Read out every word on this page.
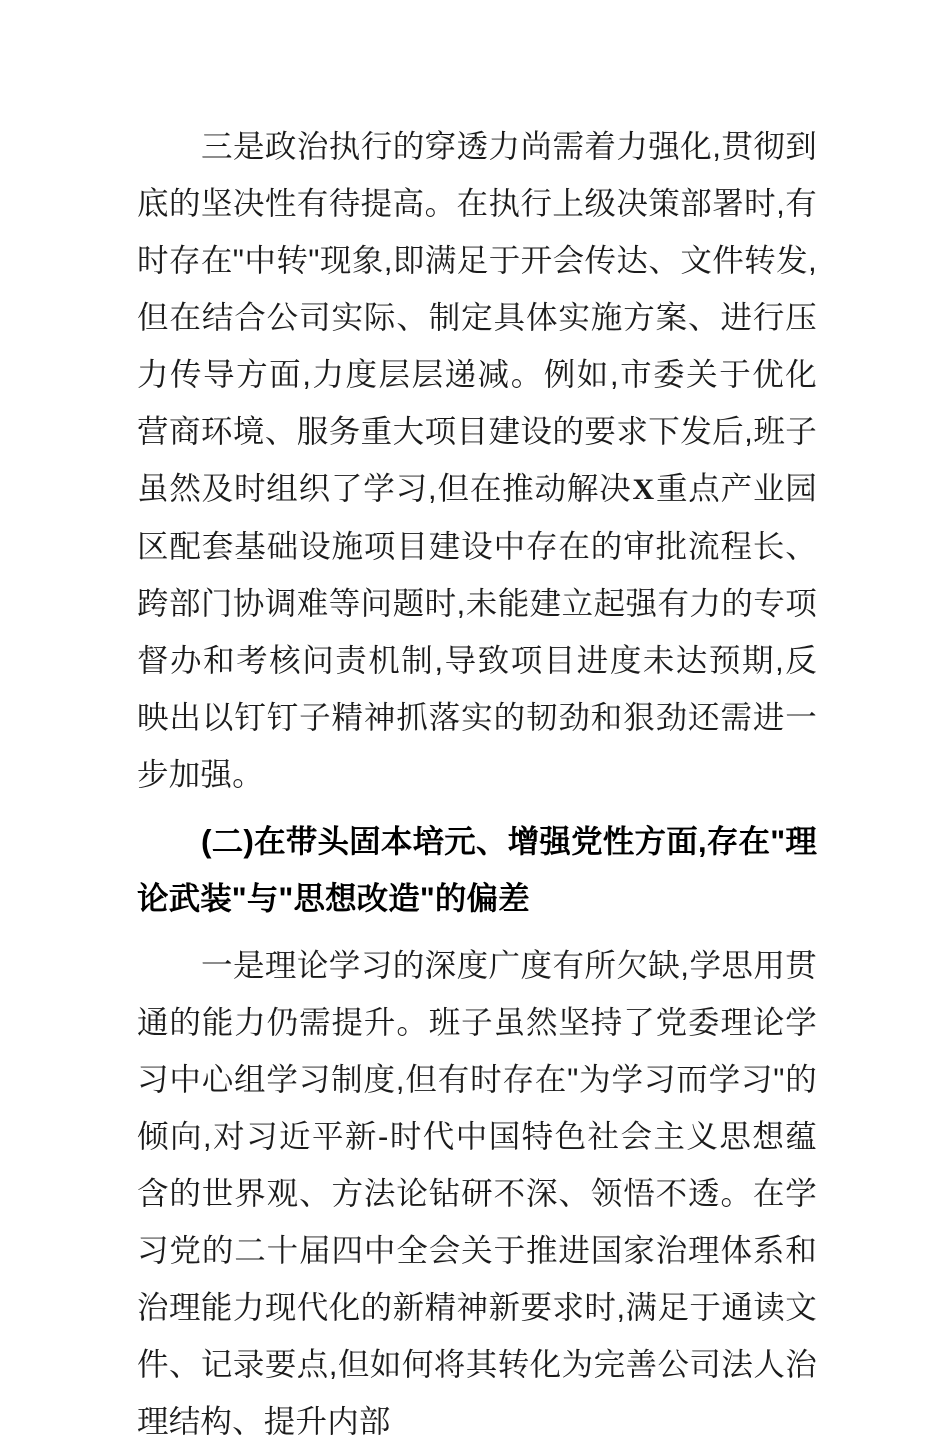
三是政治执行的穿透力尚需着力强化,贯彻到底的坚决性有待提高。在执行上级决策部署时,有时存在"中转"现象,即满足于开会传达、文件转发,但在结合公司实际、制定具体实施方案、进行压力传导方面,力度层层递减。例如,市委关于优化营商环境、服务重大项目建设的要求下发后,班子虽然及时组织了学习,但在推动解决X重点产业园区配套基础设施项目建设中存在的审批流程长、跨部门协调难等问题时,未能建立起强有力的专项督办和考核问责机制,导致项目进度未达预期,反映出以钉钉子精神抓落实的韧劲和狠劲还需进一步加强。

(二)在带头固本培元、增强党性方面,存在"理论武装"与"思想改造"的偏差

一是理论学习的深度广度有所欠缺,学思用贯通的能力仍需提升。班子虽然坚持了党委理论学习中心组学习制度,但有时存在"为学习而学习"的倾向,对习近平新-时代中国特色社会主义思想蕴含的世界观、方法论钻研不深、领悟不透。在学习党的二十届四中全会关于推进国家治理体系和治理能力现代化的新精神新要求时,满足于通读文件、记录要点,但如何将其转化为完善公司法人治理结构、提升内部
